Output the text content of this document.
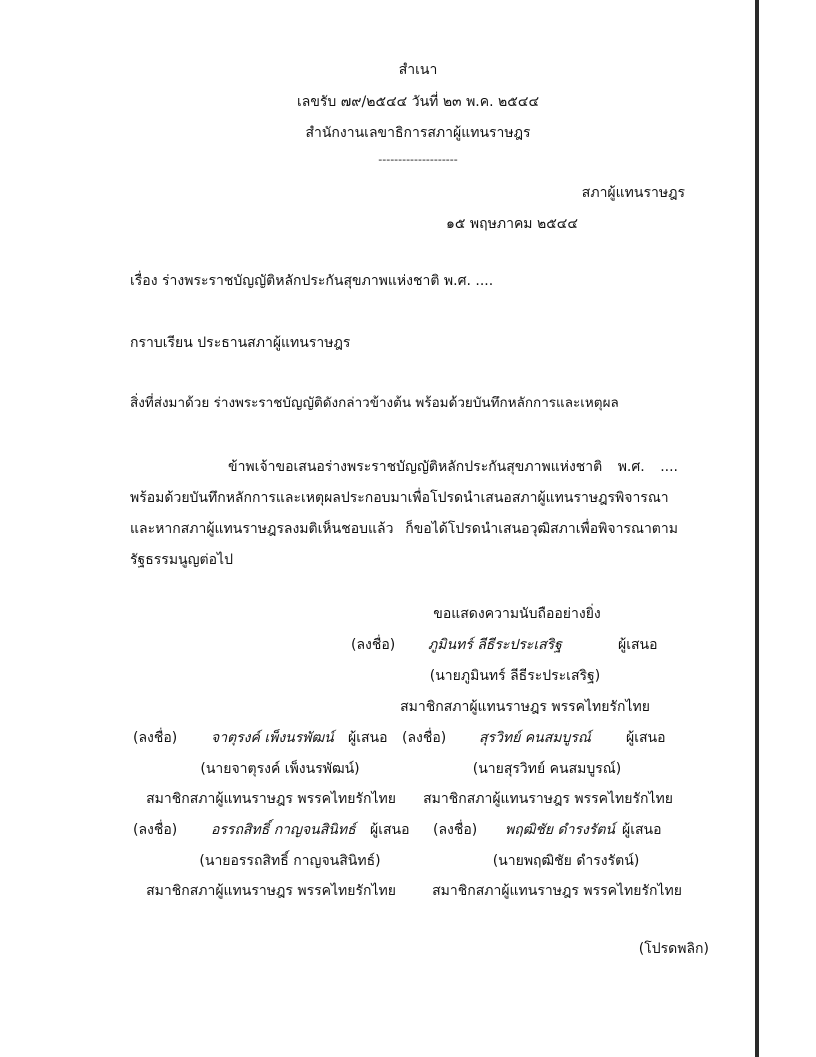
สำเนา
เลขรับ ๗๙/๒๕๔๔ วันที่ ๒๓ พ.ค. ๒๕๔๔
สำนักงานเลขาธิการสภาผู้แทนราษฎร
--------------------
สภาผู้แทนราษฎร
๑๕ พฤษภาคม ๒๕๔๔
เรื่อง ร่างพระราชบัญญัติหลักประกันสุขภาพแห่งชาติ พ.ศ. ....
กราบเรียน ประธานสภาผู้แทนราษฎร
สิ่งที่ส่งมาด้วย ร่างพระราชบัญญัติดังกล่าวข้างต้น พร้อมด้วยบันทึกหลักการและเหตุผล
ข้าพเจ้าขอเสนอร่างพระราชบัญญัติหลักประกันสุขภาพแห่งชาติ พ.ศ. .... พร้อมด้วยบันทึกหลักการและเหตุผลประกอบมาเพื่อโปรดนำเสนอสภาผู้แทนราษฎรพิจารณา และหากสภาผู้แทนราษฎรลงมติเห็นชอบแล้ว ก็ขอได้โปรดนำเสนอวุฒิสภาเพื่อพิจารณาตาม รัฐธรรมนูญต่อไป
ขอแสดงความนับถืออย่างยิ่ง
(ลงชื่อ) ภูมินทร์ ลีธีระประเสริฐ	ผู้เสนอ
(นายภูมินทร์ ลีธีระประเสริฐ)
สมาชิกสภาผู้แทนราษฎร พรรคไทยรักไทย
(ลงชื่อ) จาตุรงค์ เพ็งนรพัฒน์ ผู้เสนอ
(นายจาตุรงค์ เพ็งนรพัฒน์)
สมาชิกสภาผู้แทนราษฎร พรรคไทยรักไทย
(ลงชื่อ) สุรวิทย์ คนสมบูรณ์	ผู้เสนอ
(นายสุรวิทย์ คนสมบูรณ์)
สมาชิกสภาผู้แทนราษฎร พรรคไทยรักไทย
(ลงชื่อ) อรรถสิทธิ์ กาญจนสินิทธ์ ผู้เสนอ
(นายอรรถสิทธิ์ กาญจนสินิทธ์)
สมาชิกสภาผู้แทนราษฎร พรรคไทยรักไทย
(ลงชื่อ) พฤฒิชัย ดำรงรัตน์ ผู้เสนอ
(นายพฤฒิชัย ดำรงรัตน์)
สมาชิกสภาผู้แทนราษฎร พรรคไทยรักไทย
(โปรดพลิก)
